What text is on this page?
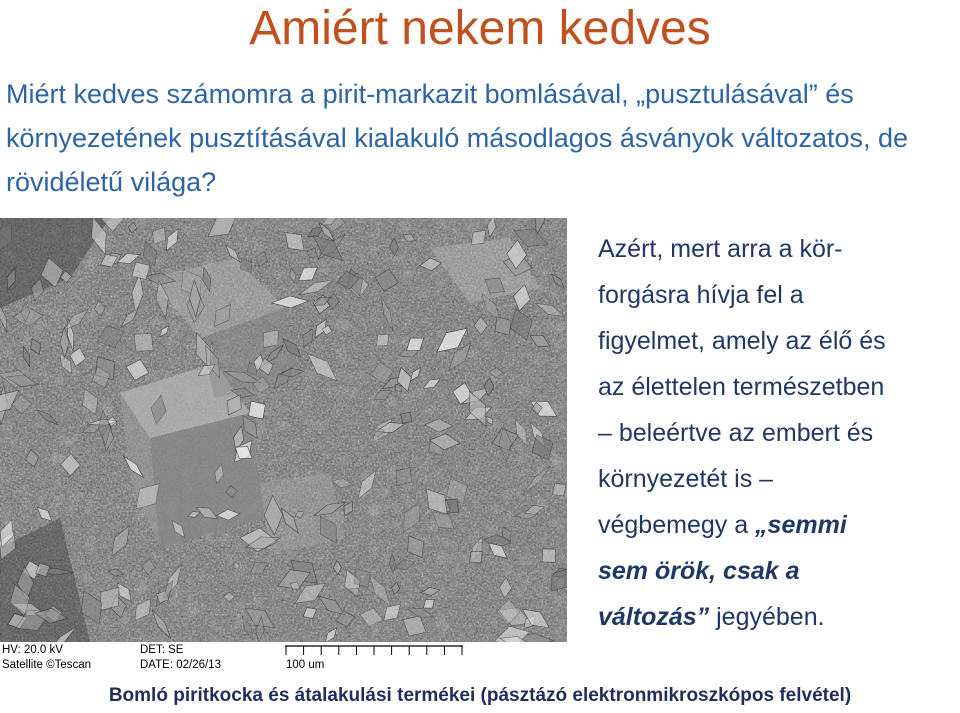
Amiért nekem kedves
Miért kedves számomra a pirit-markazit bomlásával, „pusztulásával” és környezetének pusztításával kialakuló másodlagos ásványok változatos, de rövidéletű világa?
HV: 20.0 kV	DET: SE
Satellite ©Tescan	DATE: 02/26/13	100 um
Azért, mert arra a kör-
forgásra hívja fel a
figyelmet, amely az élő és
az élettelen természetben
– beleértve az embert és
környezetét is –
végbemegy a „semmi
sem örök, csak a
változás” jegyében.
Bomló piritkocka és átalakulási termékei (pásztázó elektronmikroszkópos felvétel)
